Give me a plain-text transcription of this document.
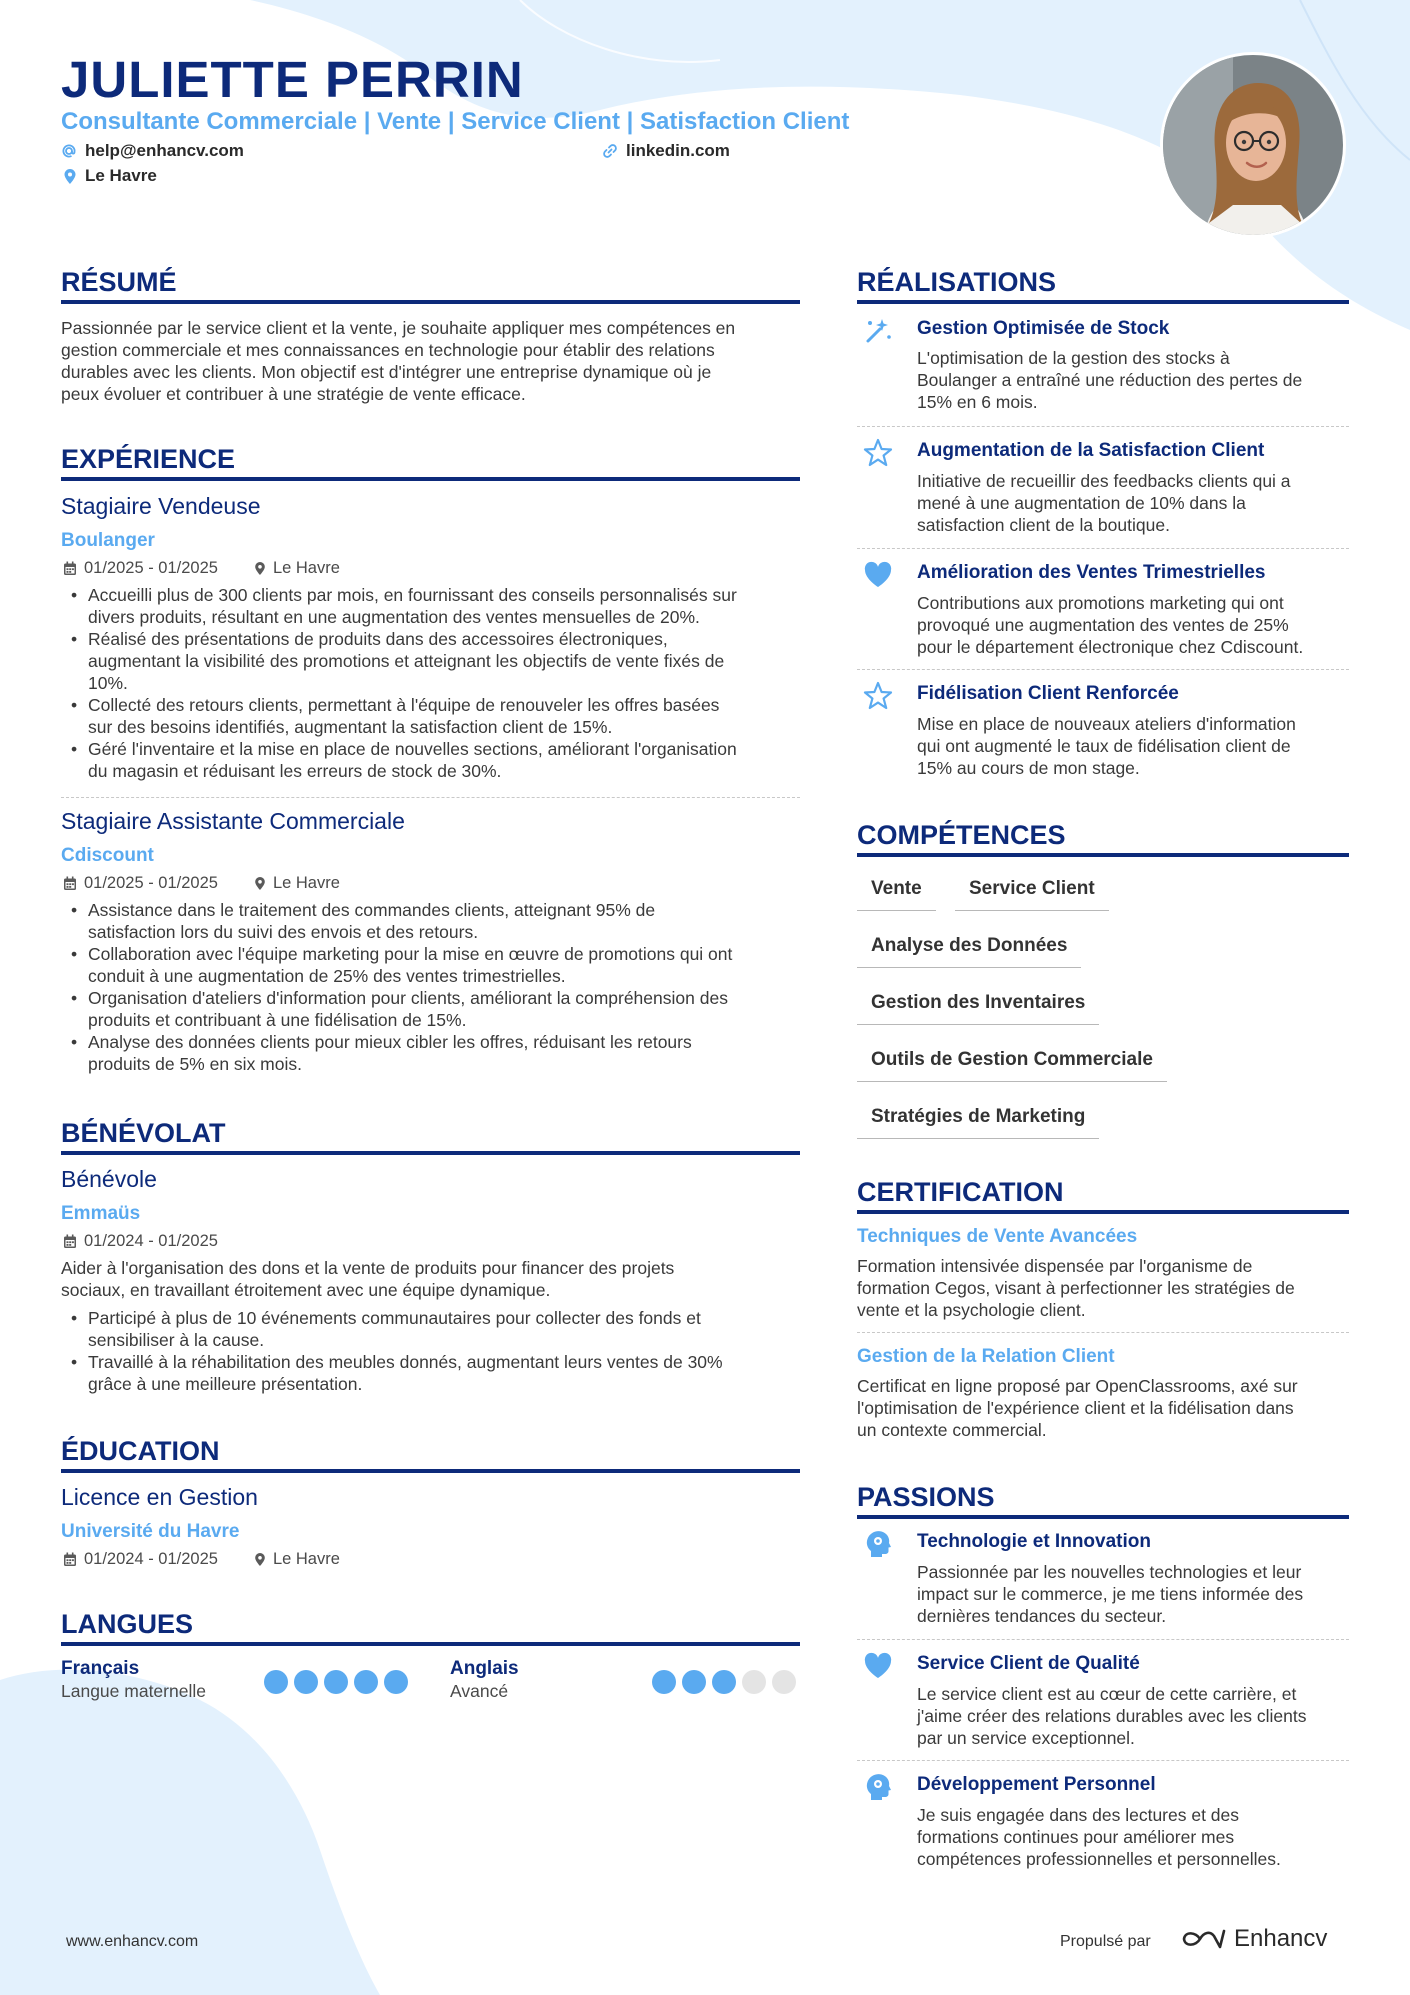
JULIETTE PERRIN
Consultante Commerciale | Vente | Service Client | Satisfaction Client
help@enhancv.com	linkedin.com
Le Havre
RÉSUMÉ
Passionnée par le service client et la vente, je souhaite appliquer mes compétences en
gestion commerciale et mes connaissances en technologie pour établir des relations
durables avec les clients. Mon objectif est d'intégrer une entreprise dynamique où je
peux évoluer et contribuer à une stratégie de vente efficace.
EXPÉRIENCE
Stagiaire Vendeuse
Boulanger
01/2025 - 01/2025	Le Havre
• Accueilli plus de 300 clients par mois, en fournissant des conseils personnalisés sur
divers produits, résultant en une augmentation des ventes mensuelles de 20%.
• Réalisé des présentations de produits dans des accessoires électroniques,
augmentant la visibilité des promotions et atteignant les objectifs de vente fixés de
10%.
• Collecté des retours clients, permettant à l'équipe de renouveler les offres basées
sur des besoins identifiés, augmentant la satisfaction client de 15%.
• Géré l'inventaire et la mise en place de nouvelles sections, améliorant l'organisation
du magasin et réduisant les erreurs de stock de 30%.
Stagiaire Assistante Commerciale
Cdiscount
01/2025 - 01/2025	Le Havre
• Assistance dans le traitement des commandes clients, atteignant 95% de
satisfaction lors du suivi des envois et des retours.
• Collaboration avec l'équipe marketing pour la mise en œuvre de promotions qui ont
conduit à une augmentation de 25% des ventes trimestrielles.
• Organisation d'ateliers d'information pour clients, améliorant la compréhension des
produits et contribuant à une fidélisation de 15%.
• Analyse des données clients pour mieux cibler les offres, réduisant les retours
produits de 5% en six mois.
BÉNÉVOLAT
Bénévole
Emmaüs
01/2024 - 01/2025
Aider à l'organisation des dons et la vente de produits pour financer des projets
sociaux, en travaillant étroitement avec une équipe dynamique.
• Participé à plus de 10 événements communautaires pour collecter des fonds et
sensibiliser à la cause.
• Travaillé à la réhabilitation des meubles donnés, augmentant leurs ventes de 30%
grâce à une meilleure présentation.
ÉDUCATION
Licence en Gestion
Université du Havre
01/2024 - 01/2025	Le Havre
LANGUES
Français
Langue maternelle
Anglais
Avancé
RÉALISATIONS
Gestion Optimisée de Stock
L'optimisation de la gestion des stocks à
Boulanger a entraîné une réduction des pertes de
15% en 6 mois.
Augmentation de la Satisfaction Client
Initiative de recueillir des feedbacks clients qui a
mené à une augmentation de 10% dans la
satisfaction client de la boutique.
Amélioration des Ventes Trimestrielles
Contributions aux promotions marketing qui ont
provoqué une augmentation des ventes de 25%
pour le département électronique chez Cdiscount.
Fidélisation Client Renforcée
Mise en place de nouveaux ateliers d'information
qui ont augmenté le taux de fidélisation client de
15% au cours de mon stage.
COMPÉTENCES
Vente	Service Client
Analyse des Données
Gestion des Inventaires
Outils de Gestion Commerciale
Stratégies de Marketing
CERTIFICATION
Techniques de Vente Avancées
Formation intensivée dispensée par l'organisme de
formation Cegos, visant à perfectionner les stratégies de
vente et la psychologie client.
Gestion de la Relation Client
Certificat en ligne proposé par OpenClassrooms, axé sur
l'optimisation de l'expérience client et la fidélisation dans
un contexte commercial.
PASSIONS
Technologie et Innovation
Passionnée par les nouvelles technologies et leur
impact sur le commerce, je me tiens informée des
dernières tendances du secteur.
Service Client de Qualité
Le service client est au cœur de cette carrière, et
j'aime créer des relations durables avec les clients
par un service exceptionnel.
Développement Personnel
Je suis engagée dans des lectures et des
formations continues pour améliorer mes
compétences professionnelles et personnelles.
www.enhancv.com	Propulsé par	Enhancv
